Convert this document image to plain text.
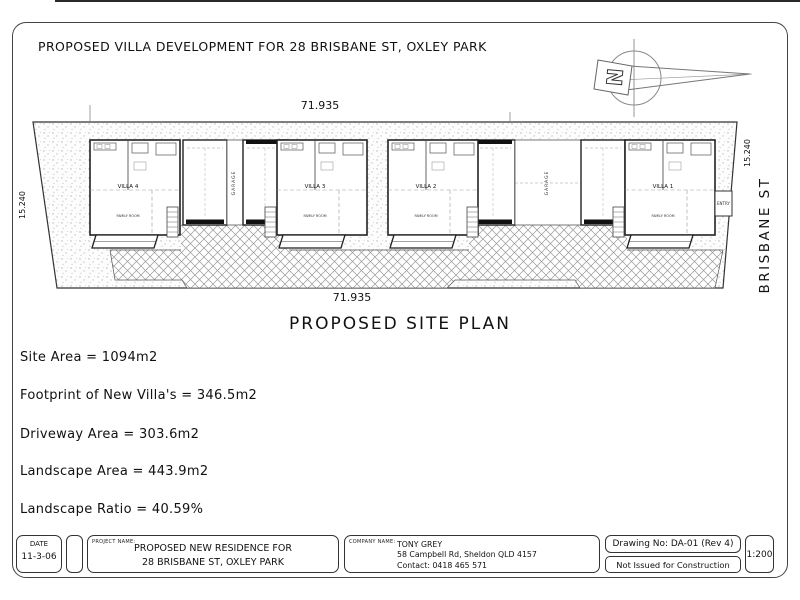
PROPOSED VILLA DEVELOPMENT FOR 28 BRISBANE ST, OXLEY PARK
N
GARAGE	GARAGE
VILLA 4
FAMILY ROOM
VILLA 3
FAMILY ROOM
VILLA 2
FAMILY ROOM
VILLA 1
FAMILY ROOM
ENTRY
71.935
71.935
15.240
15.240
BRISBANE ST
PROPOSED SITE PLAN
Site Area = 1094m2
Footprint of New Villa's = 346.5m2
Driveway Area = 303.6m2
Landscape Area = 443.9m2
Landscape Ratio = 40.59%
DATE
11-3-06
PROJECT NAME:
PROPOSED NEW RESIDENCE FOR
28 BRISBANE ST, OXLEY PARK
COMPANY NAME: TONY GREY
58 Campbell Rd, Sheldon QLD 4157
Contact: 0418 465 571
Drawing No: DA-01 (Rev 4)
Not Issued for Construction
1:200
